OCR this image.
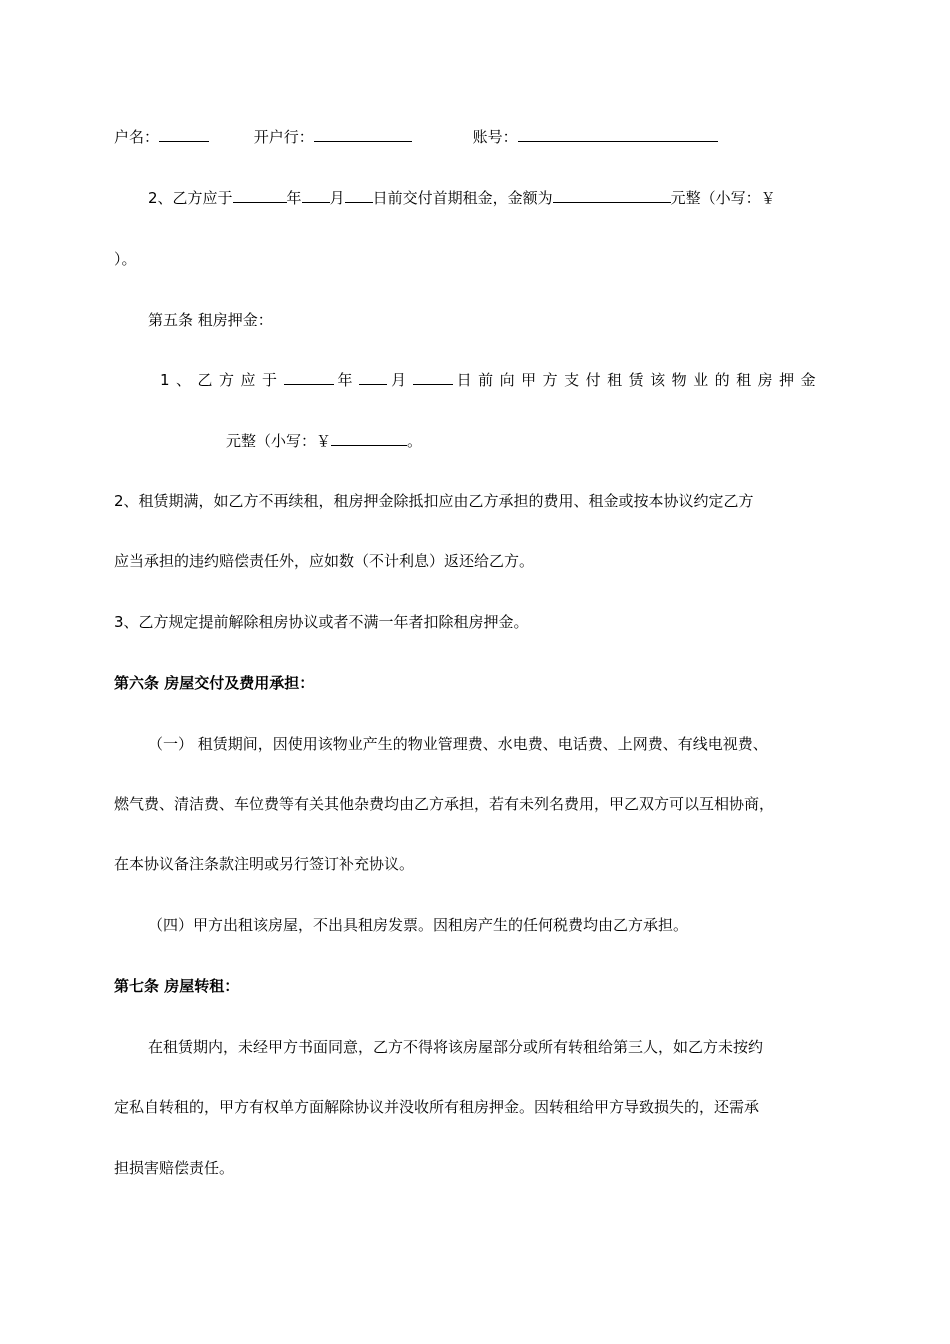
户名：	开户行：	账号：
2、乙方应于	年 月 日前交付首期租金，金额为	元整（小写：￥
）。
第五条 租房押金：
1、乙方应于	年 月	日前向甲方支付租赁该物业的租房押金
元整（小写：￥	。
2、租赁期满，如乙方不再续租，租房押金除抵扣应由乙方承担的费用、租金或按本协议约定乙方
应当承担的违约赔偿责任外，应如数（不计利息）返还给乙方。
3、乙方规定提前解除租房协议或者不满一年者扣除租房押金。
第六条 房屋交付及费用承担：
（一） 租赁期间，因使用该物业产生的物业管理费、水电费、电话费、上网费、有线电视费、
燃气费、清洁费、车位费等有关其他杂费均由乙方承担，若有未列名费用，甲乙双方可以互相协商，
在本协议备注条款注明或另行签订补充协议。
（四）甲方出租该房屋，不出具租房发票。因租房产生的任何税费均由乙方承担。
第七条 房屋转租：
在租赁期内，未经甲方书面同意，乙方不得将该房屋部分或所有转租给第三人，如乙方未按约
定私自转租的，甲方有权单方面解除协议并没收所有租房押金。因转租给甲方导致损失的，还需承
担损害赔偿责任。
